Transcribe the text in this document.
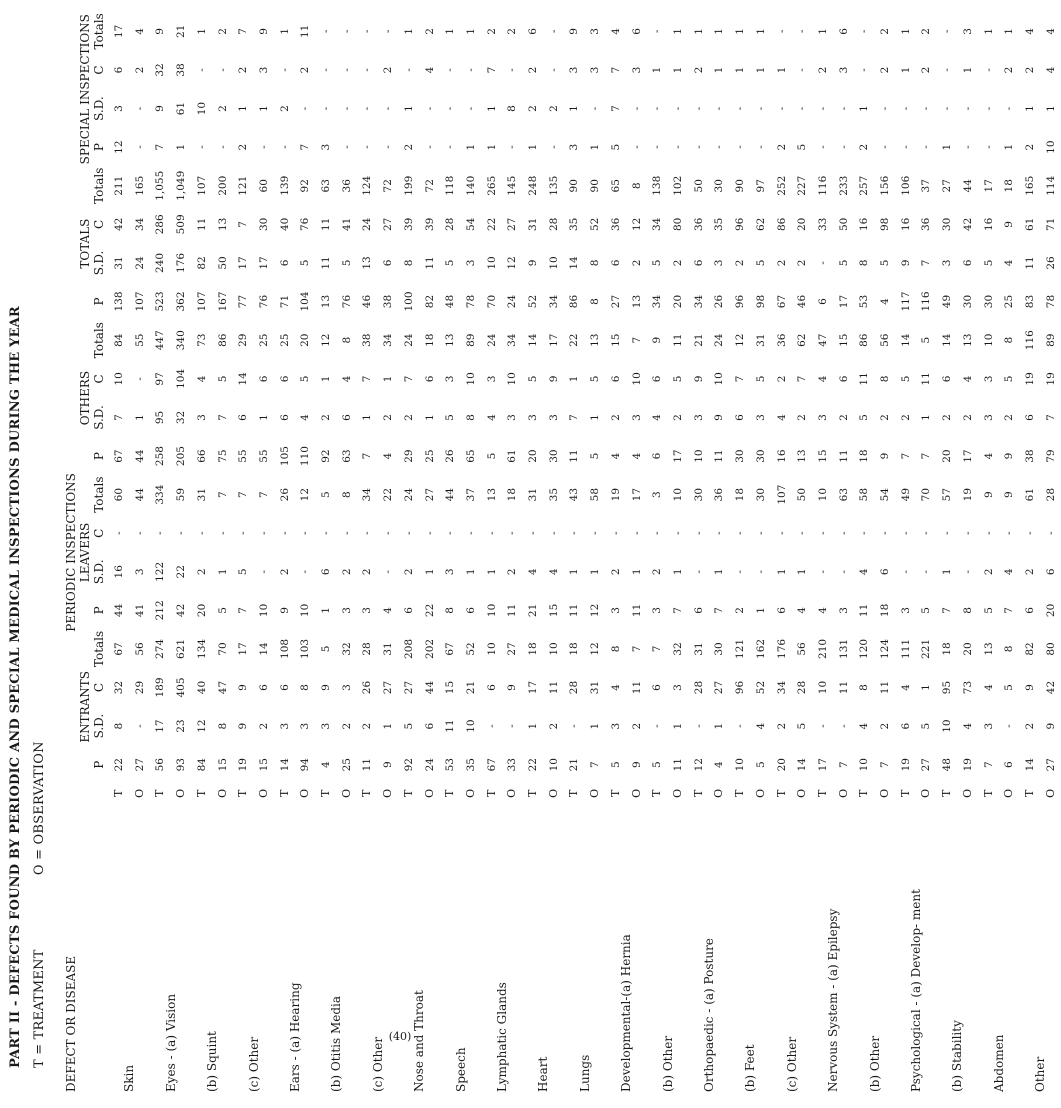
PART II - DEFECTS FOUND BY PERIODIC AND SPECIAL MEDICAL INSPECTIONS DURING THE YEAR T = TREATMENT O = OBSERVATION
DEFECT OR DISEASE		PERIODIC INSPECTIONS												TOTALS				SPECIAL INSPECTIONS			
		ENTRANTS				LEAVERS				OTHERS											
		P	S.D.	C	Totals	P	S.D.	C	Totals	P	S.D.	C	Totals	P	S.D.	C	Totals	P	S.D.	C	Totals
Skin	T	22	8	32	67	44	16	-	60	67	7	10	84	138	31	42	211	12	3	6	17
	O	27	-	29	56	41	3	-	44	44	1	-	55	107	24	34	165	-	-	2	4
Eyes - (a) Vision	T	56	17	189	274	212	122	-	334	258	95	97	447	523	240	286	1,055	7	9	32	9
	O	93	23	405	621	42	22	-	59	205	32	104	340	362	176	509	1,049	1	61	38	21
(b) Squint	T	84	12	40	134	20	2	-	31	66	3	4	73	107	82	11	107	-	10	-	1
	O	15	8	47	70	5	1	-	7	75	7	5	86	167	50	13	200	-	2	-	2
(c) Other	T	19	9	9	17	7	5	-	7	55	6	14	29	77	17	7	121	2	1	2	7
	O	15	2	6	14	10	-	-	7	55	1	6	25	76	17	30	60	-	1	3	9
Ears - (a) Hearing	T	14	3	6	108	9	2	-	26	105	6	6	25	71	6	40	139	-	2	-	1
	O	94	3	8	103	10	-	-	12	110	4	5	20	104	5	76	92	7	-	2	11
(b) Otitis Media	T	4	3	9	5	1	6	-	5	92	2	1	12	13	11	11	63	3	-	-	-
	O	25	2	3	32	3	2	-	8	63	6	4	8	76	5	41	36	-	-	-	-
(c) Other	T	11	2	26	28	3	2	-	34	7	1	7	38	46	13	24	124	-	-	-	-
	O	9	1	27	31	4	-	-	22	4	2	1	34	38	6	27	72	-	-	2	-
Nose and Throat	T	92	5	27	208	6	2	-	24	29	2	7	24	100	8	39	199	2	1	-	1
	O	24	6	44	202	22	1	-	27	25	1	6	18	82	11	39	72	-	-	4	2
Speech	T	53	11	15	67	8	3	-	44	26	5	3	13	48	5	28	118	-	-	-	1
	O	35	10	21	52	6	1	-	37	65	8	10	89	78	3	54	140	1	-	-	1
Lymphatic Glands	T	67	-	6	10	10	1	-	13	5	4	3	24	70	10	22	265	1	1	7	2
	O	33	-	9	27	11	2	-	18	61	3	10	34	24	12	27	145	-	8	-	2
Heart	T	22	1	17	18	21	4	-	31	20	3	5	14	52	9	31	248	1	2	2	6
	O	10	2	11	10	15	4	-	35	30	3	9	17	34	10	28	135	-	2	-	-
Lungs	T	21	-	28	18	11	1	-	43	11	7	1	22	86	14	35	90	3	1	3	9
	O	7	1	31	12	12	1	-	58	5	1	5	13	8	8	52	90	1	-	3	3
Developmental-(a) Hernia	T	5	3	4	8	3	2	-	19	4	2	6	15	27	6	36	65	5	7	7	4
	O	9	2	11	7	11	1	-	17	4	3	10	7	13	2	12	8	-	-	3	6
(b) Other	T	5	-	6	7	3	2	-	3	6	4	6	9	34	5	34	138	-	-	1	-
	O	11	1	3	32	7	1	-	10	17	2	5	11	20	2	80	102	-	-	1	1
Orthopaedic - (a) Posture	T	12	-	28	31	6	-	-	30	10	3	9	21	34	6	36	50	-	-	2	1
	O	4	1	27	30	7	1	-	36	11	9	10	24	26	3	35	30	-	-	1	1
(b) Feet	T	10	-	96	121	2	-	-	18	30	6	7	12	96	2	96	90	-	-	1	1
	O	5	4	52	162	1	-	-	30	30	3	5	31	98	5	62	97	-	-	1	1
(c) Other	T	20	2	34	176	6	1	-	107	16	4	2	36	67	2	86	252	2	-	1	-
	O	14	5	28	56	4	1	-	50	13	2	7	62	46	2	20	227	5	-	-	-
Nervous System - (a) Epilepsy	T	17	-	10	210	4	-	-	10	15	3	4	47	6	-	33	116	-	-	2	1
	O	7	-	11	131	3	-	-	63	11	2	6	15	17	5	50	233	-	-	3	6
(b) Other	T	10	4	8	120	11	4	-	58	18	5	11	86	53	8	16	257	2	1	-	-
	O	7	2	11	124	18	6	-	54	9	2	8	56	4	5	98	156	-	-	2	2
Psychological - (a) Develop- ment	T	19	6	4	111	3	-	-	49	7	2	5	14	117	9	16	106	-	-	1	1
	O	27	5	1	221	5	-	-	70	7	1	11	5	116	7	36	37	-	-	2	2
(b) Stability	T	48	10	95	18	7	1	-	57	20	2	6	14	49	3	30	27	1	-	-	-
	O	19	4	73	20	8	-	-	19	17	2	4	13	30	6	42	44	-	-	1	3
Abdomen	T	7	3	4	13	5	2	-	9	4	3	3	10	30	5	16	17	-	-	-	1
	O	6	-	5	8	7	4	-	9	9	2	5	8	25	4	9	18	1	-	2	1
Other	T	14	2	9	82	6	2	-	61	38	6	19	116	83	11	61	165	2	1	2	4
	O	27	9	42	80	20	6	-	28	79	7	19	89	78	26	71	114	10	1	4	4
(40)
